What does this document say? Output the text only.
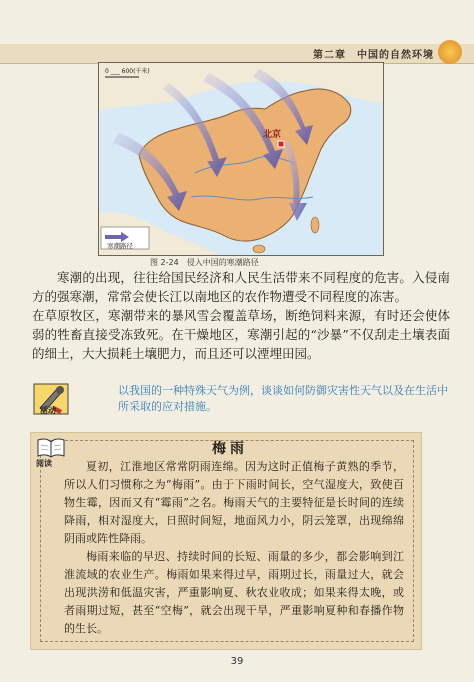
第二章　中国的自然环境
北京
0 ___ 600(千米)
寒潮路径
图 2-24　侵入中国的寒潮路径

寒潮的出现，往往给国民经济和人民生活带来不同程度的危害。入侵南方的强寒潮，常常会使长江以南地区的农作物遭受不同程度的冻害。

在草原牧区，寒潮带来的暴风雪会覆盖草场，断绝饲料来源，有时还会使体弱的牲畜直接受冻致死。在干燥地区，寒潮引起的“沙暴”不仅刮走土壤表面的细土，大大损耗土壤肥力，而且还可以湮埋田园。

活动

以我国的一种特殊天气为例，谈谈如何防御灾害性天气以及在生活中所采取的应对措施。

阅读
梅雨

夏初，江淮地区常常阴雨连绵。因为这时正值梅子黄熟的季节，所以人们习惯称之为“梅雨”。由于下雨时间长，空气湿度大，致使百物生霉，因而又有“霉雨”之名。梅雨天气的主要特征是长时间的连续降雨，相对湿度大，日照时间短，地面风力小，阴云笼罩，出现绵绵阴雨或阵性降雨。

梅雨来临的早迟、持续时间的长短、雨量的多少，都会影响到江淮流域的农业生产。梅雨如果来得过早，雨期过长，雨量过大，就会出现洪涝和低温灾害，严重影响夏、秋农业收成；如果来得太晚，或者雨期过短，甚至“空梅”，就会出现干旱，严重影响夏种和春播作物的生长。

39
